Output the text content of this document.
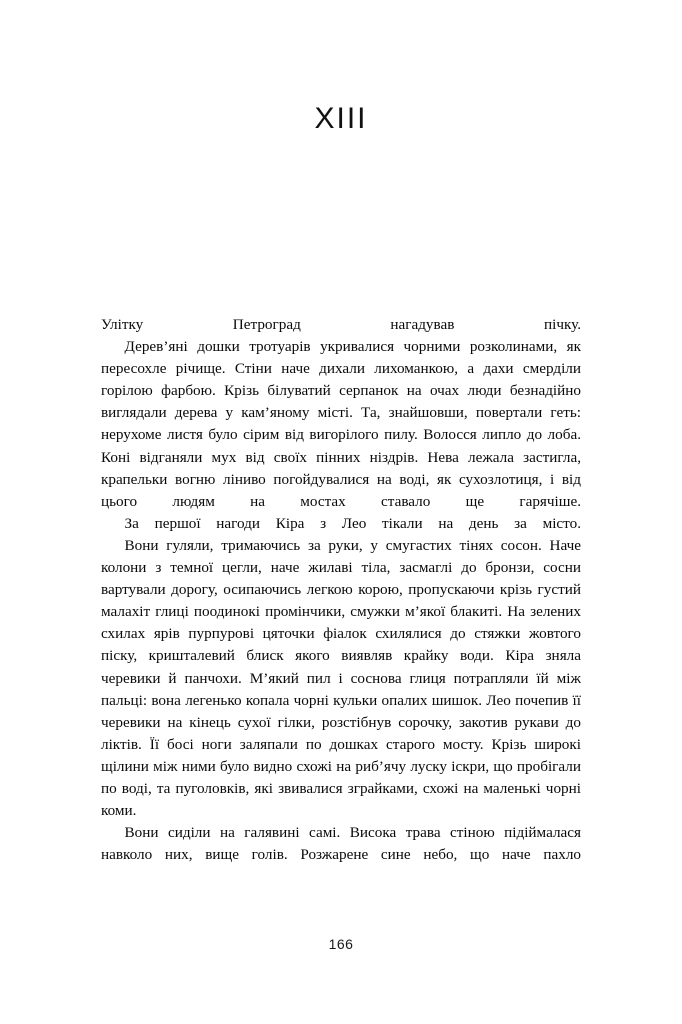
XIII

Улітку Петроград нагадував пічку.

Дерев’яні дошки тротуарів укривалися чорними розколинами, як пересохле річище. Стіни наче дихали лихоманкою, а дахи смерділи горілою фарбою. Крізь білуватий серпанок на очах люди безнадійно виглядали дерева у кам’яному місті. Та, знайшовши, повертали геть: нерухоме листя було сірим від вигорілого пилу. Волосся липло до лоба. Коні відганяли мух від своїх пінних ніздрів. Нева лежала застигла, крапельки вогню ліниво погойдувалися на воді, як сухозлотиця, і від цього людям на мостах ставало ще гарячіше.

За першої нагоди Кіра з Лео тікали на день за місто.

Вони гуляли, тримаючись за руки, у смугастих тінях сосон. Наче колони з темної цегли, наче жилаві тіла, засмаглі до бронзи, сосни вартували дорогу, осипаючись легкою корою, пропускаючи крізь густий малахіт глиці поодинокі промінчики, смужки м’якої блакиті. На зелених схилах ярів пурпурові цяточки фіалок схилялися до стяжки жовтого піску, кришталевий блиск якого виявляв крайку води. Кіра зняла черевики й панчохи. М’який пил і соснова глиця потрапляли їй між пальці: вона легенько копала чорні кульки опалих шишок. Лео почепив її черевики на кінець сухої гілки, розстібнув сорочку, закотив рукави до ліктів. Її босі ноги заляпали по дошках старого мосту. Крізь широкі щілини між ними було видно схожі на риб’ячу луску іскри, що пробігали по воді, та пуголовків, які звивалися зграйками, схожі на маленькі чорні коми.

Вони сиділи на галявині самі. Висока трава стіною підіймалася навколо них, вище голів. Розжарене сине небо, що наче пахло

166
